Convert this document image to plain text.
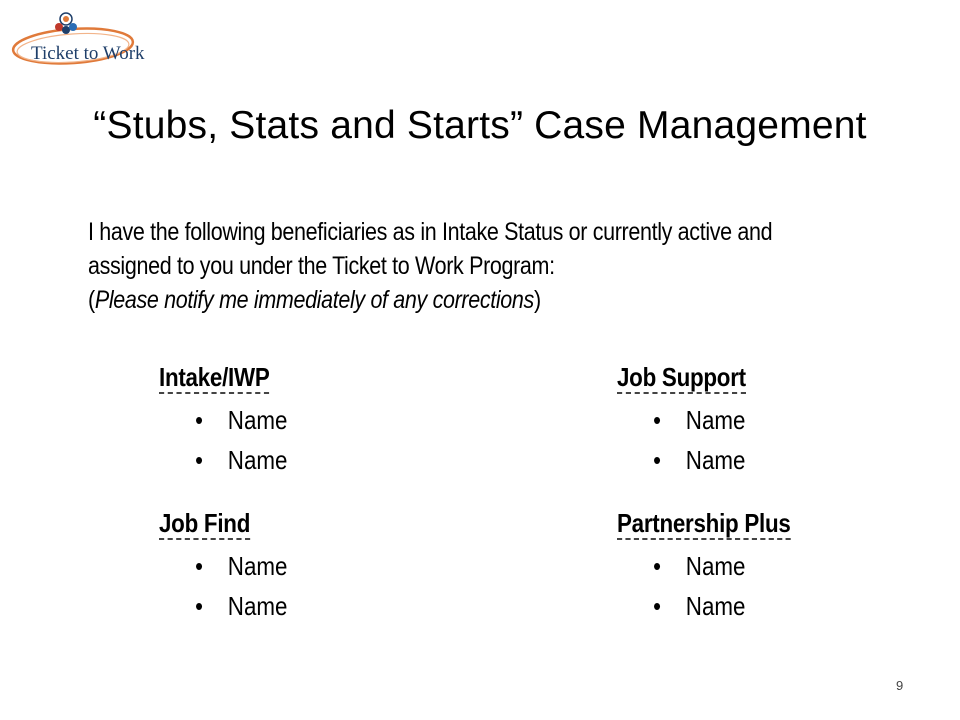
Ticket to Work
“Stubs, Stats and Starts” Case Management
I have the following beneficiaries as in Intake Status or currently active and
assigned to you under the Ticket to Work Program:
(Please notify me immediately of any corrections)
Intake/IWP
• Name
• Name
Job Support
• Name
• Name
Job Find
• Name
• Name
Partnership Plus
• Name
• Name
9
